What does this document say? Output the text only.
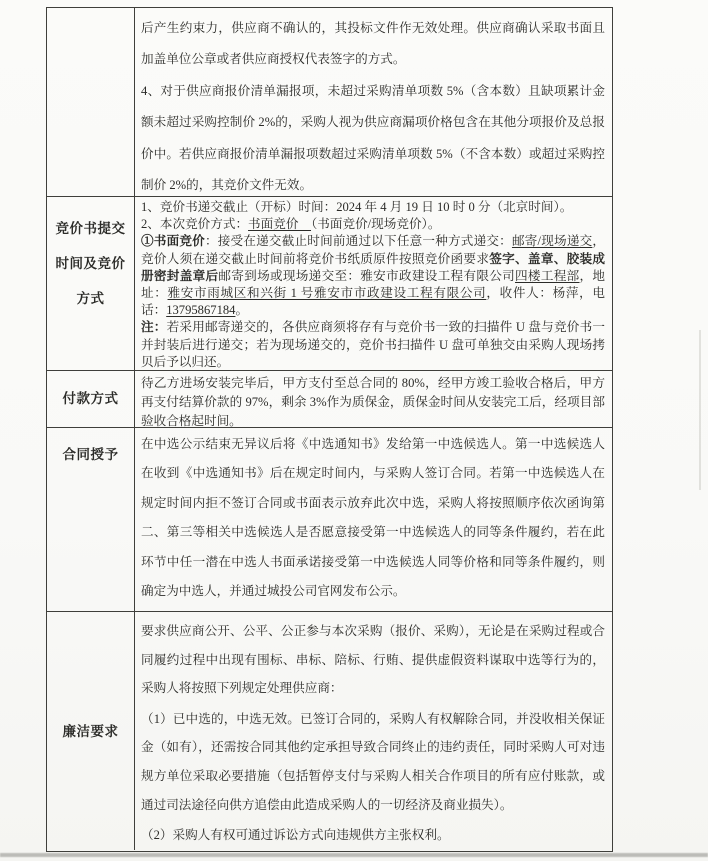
后产生约束力，供应商不确认的，其投标文件作无效处理。供应商确认采取书面且加盖单位公章或者供应商授权代表签字的方式。

4、对于供应商报价清单漏报项，未超过采购清单项数 5%（含本数）且缺项累计金额未超过采购控制价 2%的，采购人视为供应商漏项价格包含在其他分项报价及总报价中。若供应商报价清单漏报项数超过采购清单项数 5%（不含本数）或超过采购控制价 2%的，其竞价文件无效。

竞价书提交
时间及竞价
方式

1、竞价书递交截止（开标）时间：2024 年 4 月 19 日 10 时 0 分（北京时间）。

2、本次竞价方式：书面竞价　（书面竞价/现场竞价）。

①书面竞价：接受在递交截止时间前通过以下任意一种方式递交：邮寄/现场递交，竞价人须在递交截止时间前将竞价书纸质原件按照竞价函要求签字、盖章、胶装成册密封盖章后邮寄到场或现场递交至：雅安市政建设工程有限公司四楼工程部，地址：雅安市雨城区和兴街 1 号雅安市市政建设工程有限公司，收件人：杨萍，电话：13795867184。

注：若采用邮寄递交的，各供应商须将存有与竞价书一致的扫描件 U 盘与竞价书一并封装后进行递交；若为现场递交的，竞价书扫描件 U 盘可单独交由采购人现场拷贝后予以归还。

付款方式

待乙方进场安装完毕后，甲方支付至总合同的 80%，经甲方竣工验收合格后，甲方再支付结算价款的 97%，剩余 3%作为质保金，质保金时间从安装完工后，经项目部验收合格起时间。

合同授予

在中选公示结束无异议后将《中选通知书》发给第一中选候选人。第一中选候选人在收到《中选通知书》后在规定时间内，与采购人签订合同。若第一中选候选人在规定时间内拒不签订合同或书面表示放弃此次中选，采购人将按照顺序依次函询第二、第三等相关中选候选人是否愿意接受第一中选候选人的同等条件履约，若在此环节中任一潜在中选人书面承诺接受第一中选候选人同等价格和同等条件履约，则确定为中选人，并通过城投公司官网发布公示。

廉洁要求

要求供应商公开、公平、公正参与本次采购（报价、采购），无论是在采购过程或合同履约过程中出现有围标、串标、陪标、行贿、提供虚假资料谋取中选等行为的，采购人将按照下列规定处理供应商：

（1）已中选的，中选无效。已签订合同的，采购人有权解除合同，并没收相关保证金（如有），还需按合同其他约定承担导致合同终止的违约责任，同时采购人可对违规方单位采取必要措施（包括暂停支付与采购人相关合作项目的所有应付账款，或通过司法途径向供方追偿由此造成采购人的一切经济及商业损失）。

（2）采购人有权可通过诉讼方式向违规供方主张权利。
